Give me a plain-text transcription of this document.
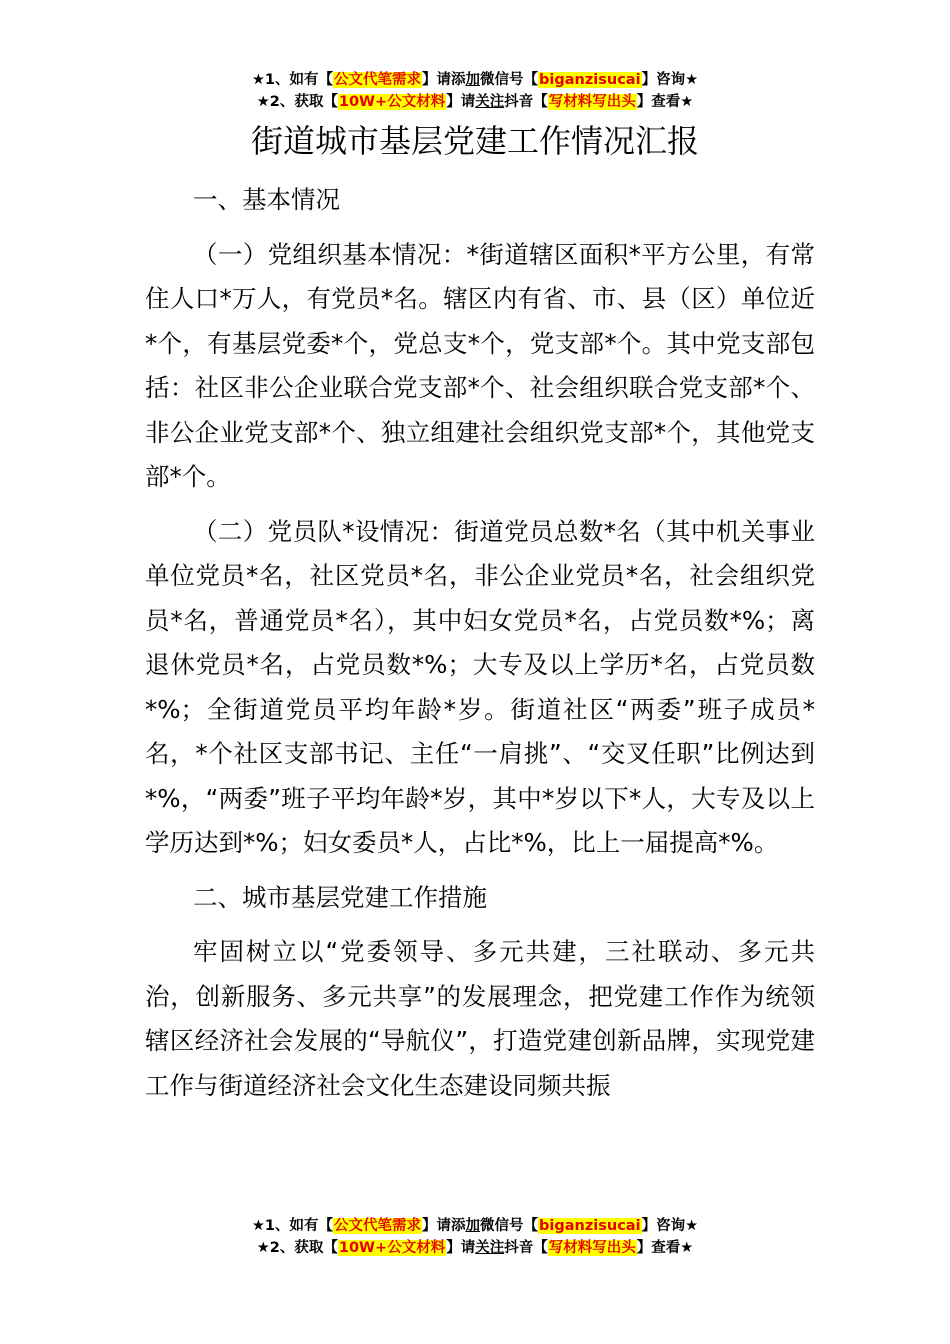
★1、如有【公文代笔需求】请添加微信号【biganzisucai】咨询★
★2、获取【10W+公文材料】请关注抖音【写材料写出头】查看★
街道城市基层党建工作情况汇报

一、基本情况

（一）党组织基本情况：*街道辖区面积*平方公里，有常住人口*万人，有党员*名。辖区内有省、市、县（区）单位近*个，有基层党委*个，党总支*个，党支部*个。其中党支部包括：社区非公企业联合党支部*个、社会组织联合党支部*个、非公企业党支部*个、独立组建社会组织党支部*个，其他党支部*个。

（二）党员队*设情况：街道党员总数*名（其中机关事业单位党员*名，社区党员*名，非公企业党员*名，社会组织党员*名，普通党员*名），其中妇女党员*名，占党员数*%；离退休党员*名，占党员数*%；大专及以上学历*名，占党员数*%；全街道党员平均年龄*岁。街道社区“两委”班子成员*名，*个社区支部书记、主任“一肩挑”、“交叉任职”比例达到*%，“两委”班子平均年龄*岁，其中*岁以下*人，大专及以上学历达到*%；妇女委员*人，占比*%，比上一届提高*%。

二、城市基层党建工作措施

牢固树立以“党委领导、多元共建，三社联动、多元共治，创新服务、多元共享”的发展理念，把党建工作作为统领辖区经济社会发展的“导航仪”，打造党建创新品牌，实现党建工作与街道经济社会文化生态建设同频共振

★1、如有【公文代笔需求】请添加微信号【biganzisucai】咨询★
★2、获取【10W+公文材料】请关注抖音【写材料写出头】查看★
